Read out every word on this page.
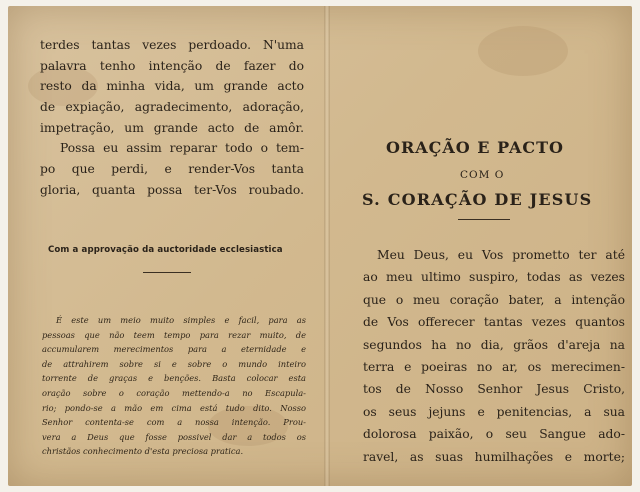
terdes tantas vezes perdoado. N'uma
palavra tenho intenção de fazer do
resto da minha vida, um grande acto
de expiação, agradecimento, adoração,
impetração, um grande acto de amôr.
Possa eu assim reparar todo o tem-
po que perdi, e render-Vos tanta
gloria, quanta possa ter-Vos roubado.
Com a approvação da auctoridade ecclesiastica
É este um meio muito simples e facil, para as
pessoas que não teem tempo para rezar muito, de
accumularem merecimentos para a eternidade e
de attrahirem sobre si e sobre o mundo inteiro
torrente de graças e benções. Basta colocar esta
oração sobre o coração mettendo-a no Escapula-
rio; pondo-se a mão em cima está tudo dito. Nosso
Senhor contenta-se com a nossa intenção. Prou-
vera a Deus que fosse possivel dar a todos os
christãos conhecimento d'esta preciosa pratica.
ORAÇÃO E PACTO
COM O
S. CORAÇÃO DE JESUS
Meu Deus, eu Vos prometto ter até
ao meu ultimo suspiro, todas as vezes
que o meu coração bater, a intenção
de Vos offerecer tantas vezes quantos
segundos ha no dia, grãos d'areja na
terra e poeiras no ar, os merecimen-
tos de Nosso Senhor Jesus Cristo,
os seus jejuns e penitencias, a sua
dolorosa paixão, o seu Sangue ado-
ravel, as suas humilhações e morte;
